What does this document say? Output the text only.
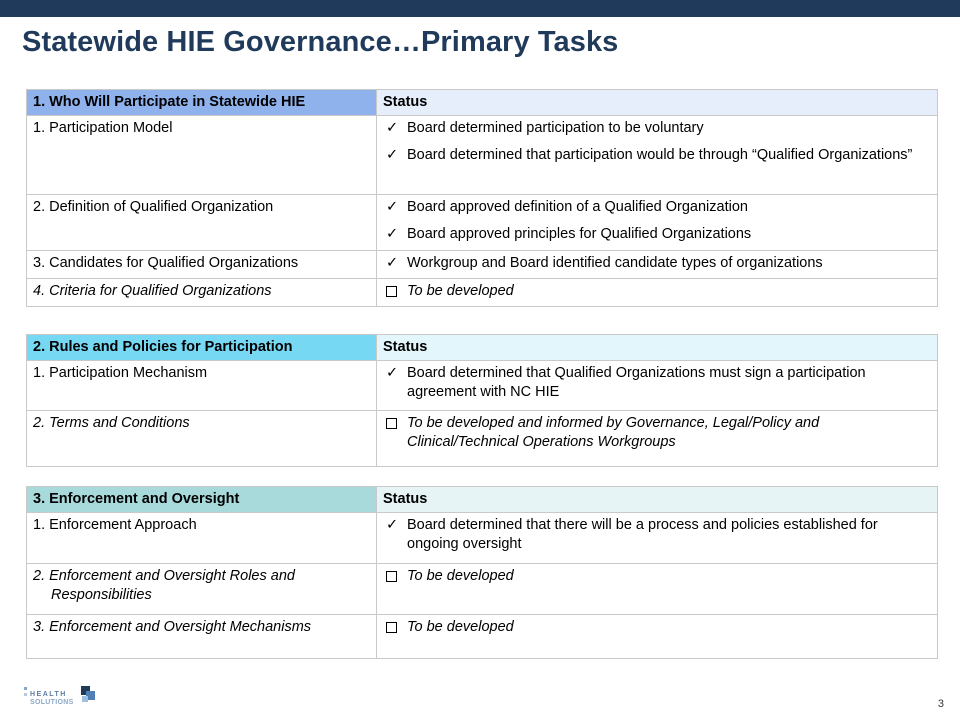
Statewide HIE Governance…Primary Tasks
1. Who Will Participate in Statewide HIE	Status

1. Participation Model	✓ Board determined participation to be voluntary
✓ Board determined that participation would be through “Qualified Organizations”

2. Definition of Qualified Organization	✓ Board approved definition of a Qualified Organization
✓ Board approved principles for Qualified Organizations

3. Candidates for Qualified Organizations	✓ Workgroup and Board identified candidate types of organizations

4. Criteria for Qualified Organizations	To be developed
2. Rules and Policies for Participation	Status

1. Participation Mechanism	✓ Board determined that Qualified Organizations must sign a participation agreement with NC HIE

2. Terms and Conditions	To be developed and informed by Governance, Legal/Policy and Clinical/Technical Operations Workgroups
3. Enforcement and Oversight	Status

1. Enforcement Approach	✓ Board determined that there will be a process and policies established for ongoing oversight

2. Enforcement and Oversight Roles and Responsibilities	To be developed

3. Enforcement and Oversight Mechanisms	To be developed
HEALTH
SOLUTIONS	3
